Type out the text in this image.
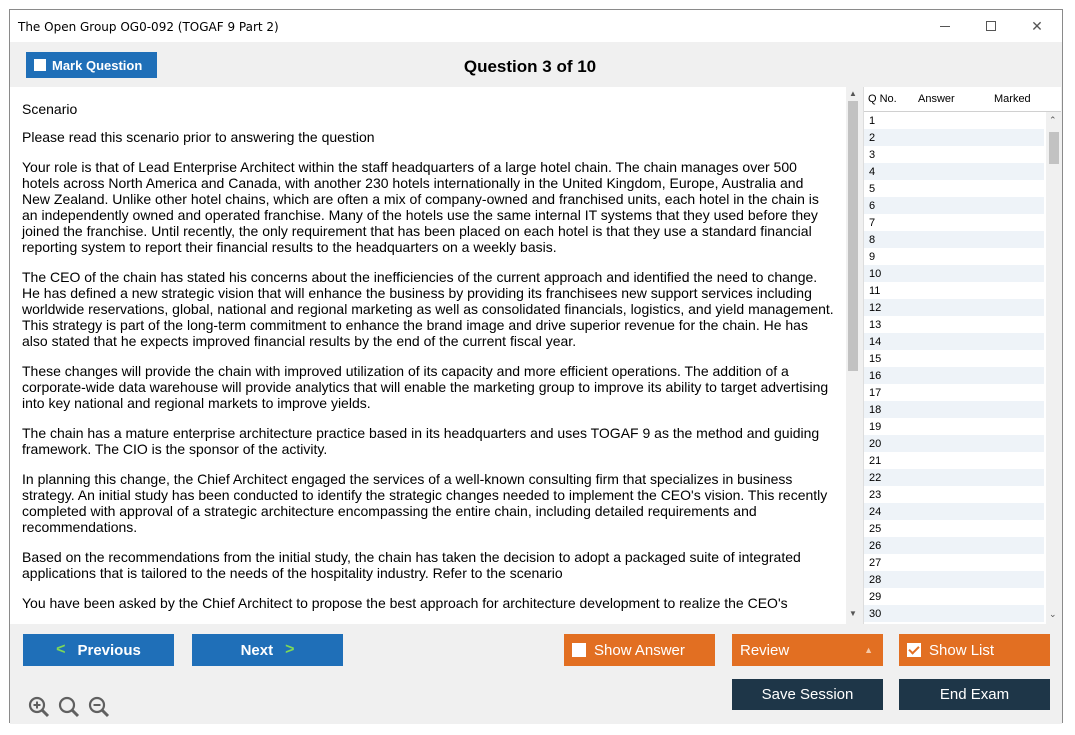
The Open Group OG0-092 (TOGAF 9 Part 2)	✕
Mark Question	Question 3 of 10

Scenario

Please read this scenario prior to answering the question

Your role is that of Lead Enterprise Architect within the staff headquarters of a large hotel chain. The chain manages over 500 hotels across North America and Canada, with another 230 hotels internationally in the United Kingdom, Europe, Australia and New Zealand. Unlike other hotel chains, which are often a mix of company-owned and franchised units, each hotel in the chain is an independently owned and operated franchise. Many of the hotels use the same internal IT systems that they used before they joined the franchise. Until recently, the only requirement that has been placed on each hotel is that they use a standard financial reporting system to report their financial results to the headquarters on a weekly basis.

The CEO of the chain has stated his concerns about the inefficiencies of the current approach and identified the need to change. He has defined a new strategic vision that will enhance the business by providing its franchisees new support services including worldwide reservations, global, national and regional marketing as well as consolidated financials, logistics, and yield management. This strategy is part of the long-term commitment to enhance the brand image and drive superior revenue for the chain. He has also stated that he expects improved financial results by the end of the current fiscal year.

These changes will provide the chain with improved utilization of its capacity and more efficient operations. The addition of a corporate-wide data warehouse will provide analytics that will enable the marketing group to improve its ability to target advertising into key national and regional markets to improve yields.

The chain has a mature enterprise architecture practice based in its headquarters and uses TOGAF 9 as the method and guiding framework. The CIO is the sponsor of the activity.

In planning this change, the Chief Architect engaged the services of a well-known consulting firm that specializes in business strategy. An initial study has been conducted to identify the strategic changes needed to implement the CEO's vision. This recently completed with approval of a strategic architecture encompassing the entire chain, including detailed requirements and recommendations.

Based on the recommendations from the initial study, the chain has taken the decision to adopt a packaged suite of integrated applications that is tailored to the needs of the hospitality industry. Refer to the scenario

You have been asked by the Chief Architect to propose the best approach for architecture development to realize the CEO's

▲
▼
Q No.	Answer	Marked
1
2
3
4
5
6
7
8
9
10
11
12
13
14
15
16
17
18
19
20
21
22
23
24
25
26
27
28
29
30
⌃
⌄
< Previous	Next >	Show Answer	Review	▲	Show List
Save Session	End Exam
